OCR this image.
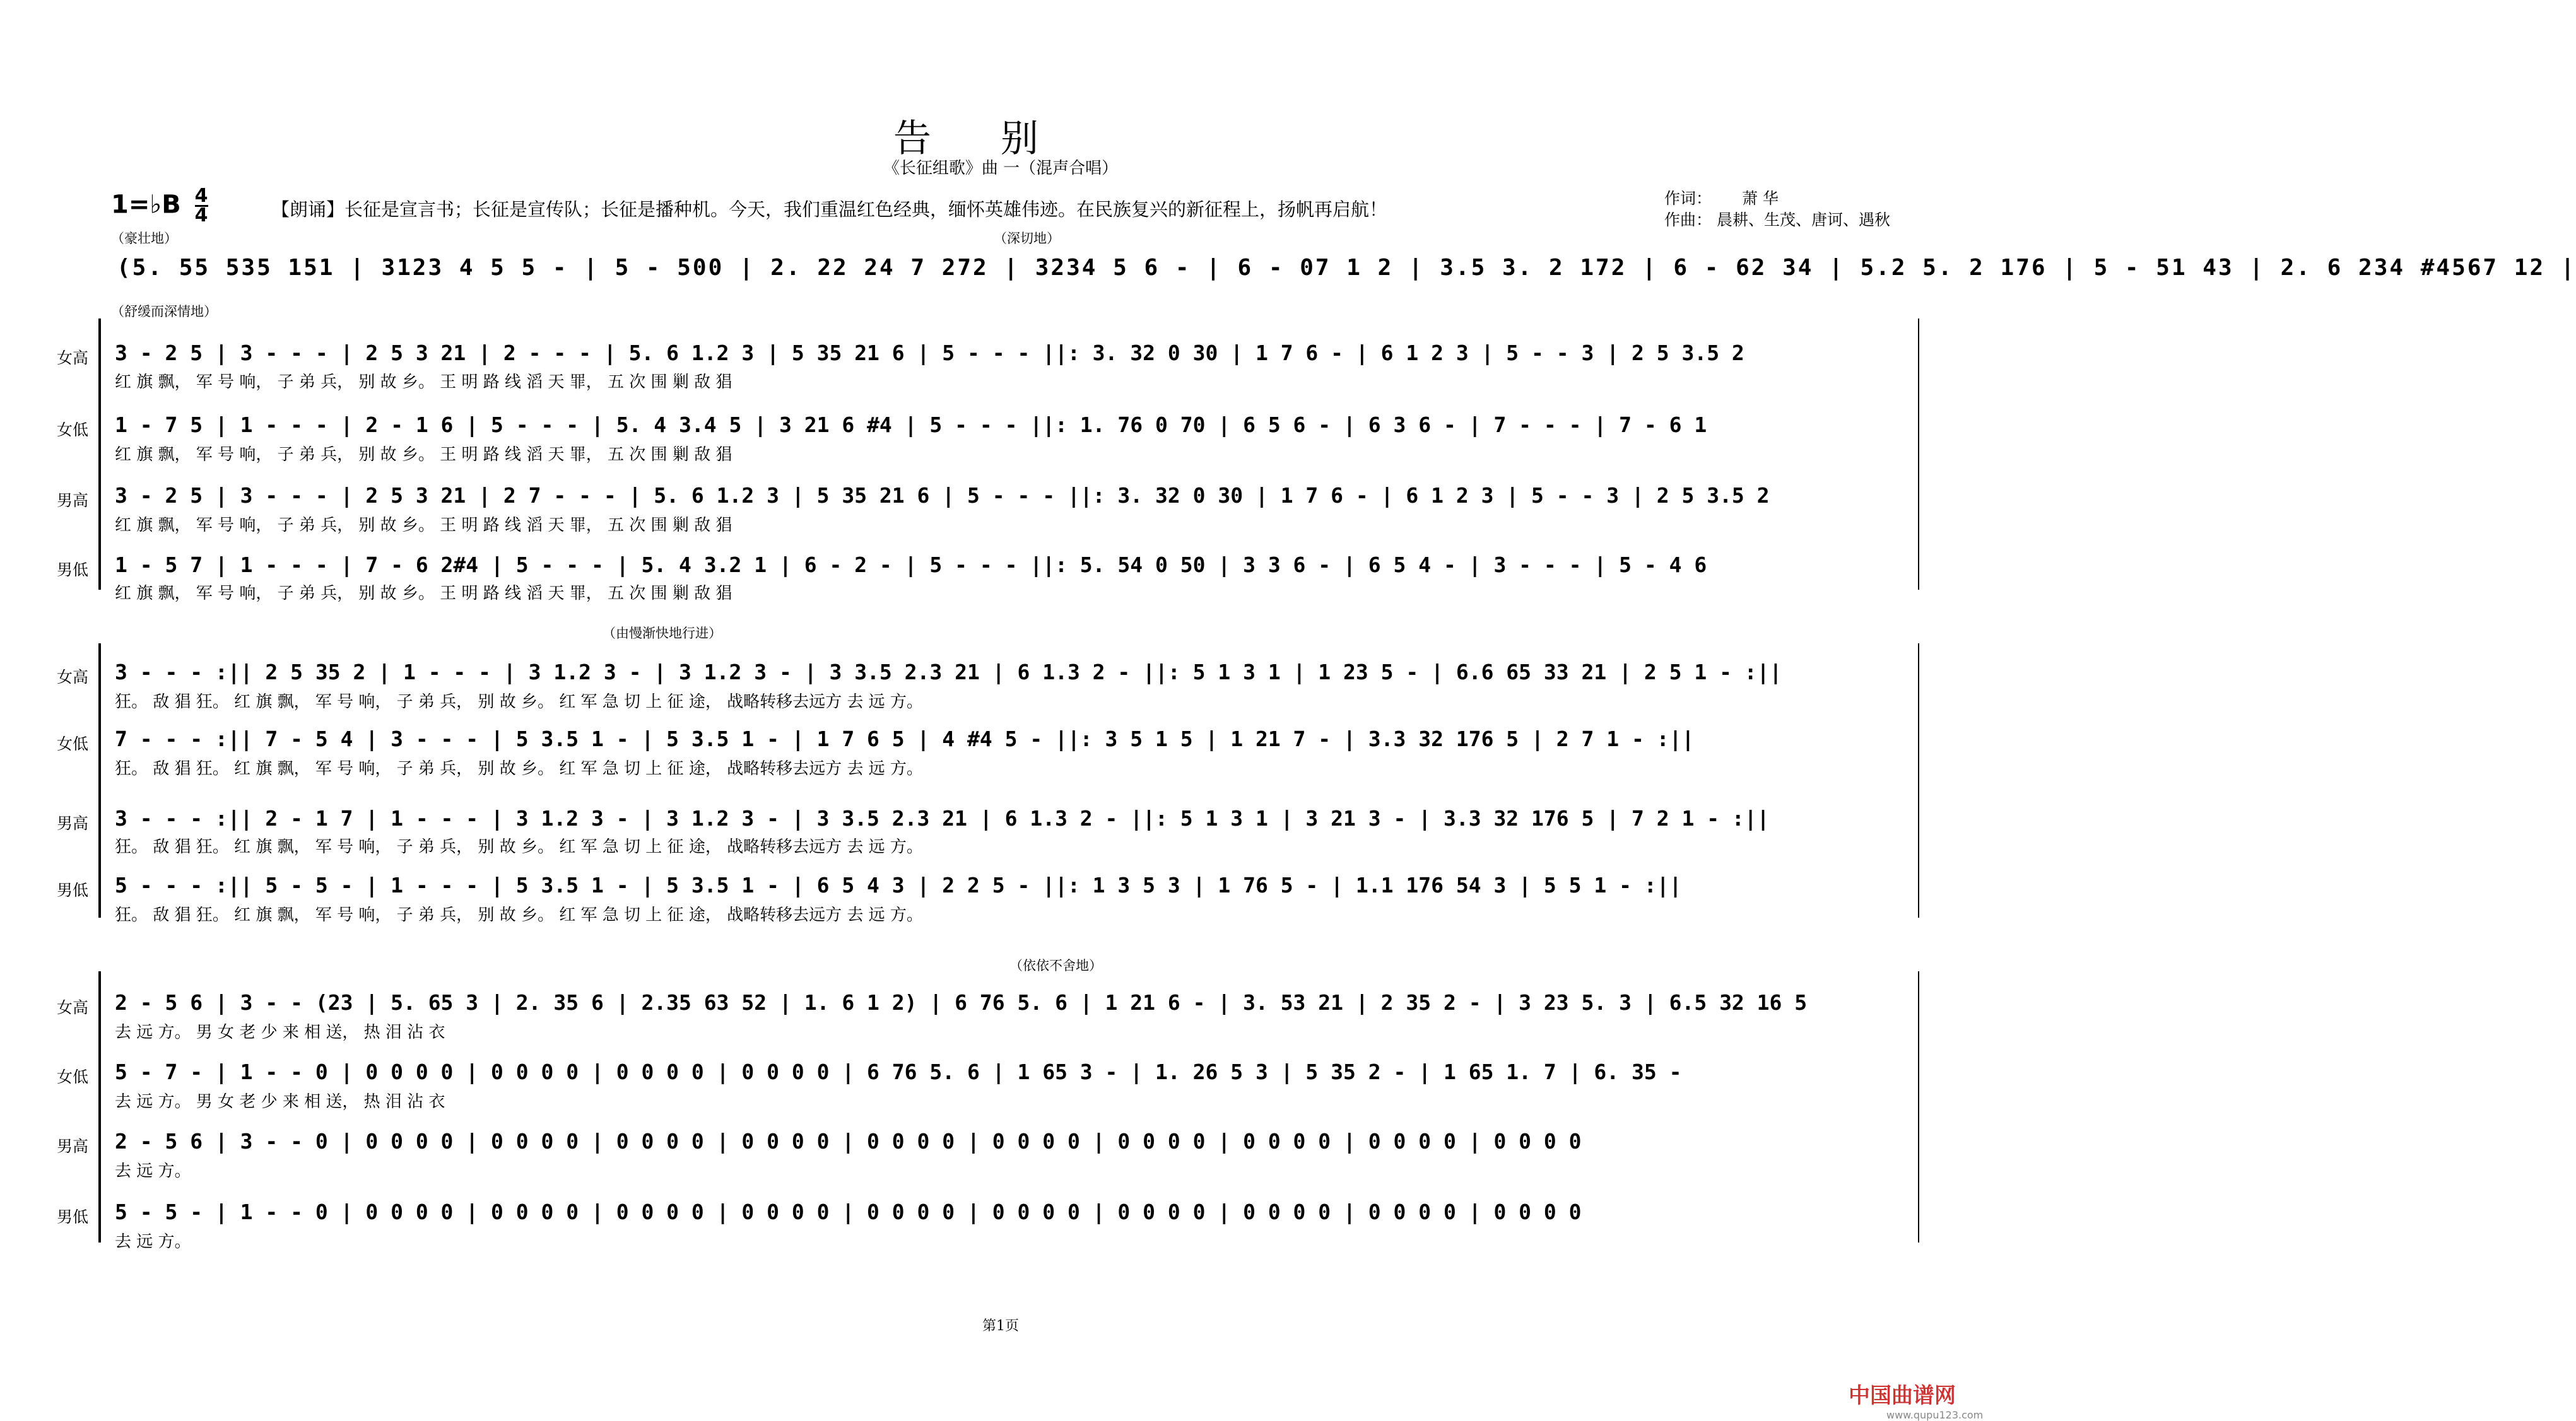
告别
《长征组歌》曲 一（混声合唱）
1=♭B $\frac{4}{4}$	【朗诵】长征是宣言书；长征是宣传队；长征是播种机。今天，我们重温红色经典，缅怀英雄伟迹。在民族复兴的新征程上，扬帆再启航！
作词： 萧 华
作曲： 晨耕、生茂、唐诃、遇秋
（豪壮地）	（深切地）
(5. 55 535 151 | 3123 4 5 5 - | 5 - 500 | 2. 22 24 7 272 | 3234 5 6 - | 6 - 07 1 2 | 3.5 3. 2 172 | 6 - 62 34 | 5.2 5. 2 176 | 5 - 51 43 | 2. 6 234 #4567 12 |
（舒缓而深情地）
女高	3 - 2 5 | 3 - - - | 2 5 3 21 | 2 - - - | 5. 6 1.2 3 | 5 35 21 6 | 5 - - - ||: 3. 32 0 30 | 1 7 6 - | 6 1 2 3 | 5 - - 3 | 2 5 3.5 2
红 旗 飘， 军 号 响， 子 弟 兵， 别 故 乡。 王 明 路 线 滔 天 罪， 五 次 围 剿 敌 猖
女低	1 - 7 5 | 1 - - - | 2 - 1 6 | 5 - - - | 5. 4 3.4 5 | 3 21 6 #4 | 5 - - - ||: 1. 76 0 70 | 6 5 6 - | 6 3 6 - | 7 - - - | 7 - 6 1
红 旗 飘， 军 号 响， 子 弟 兵， 别 故 乡。 王 明 路 线 滔 天 罪， 五 次 围 剿 敌 猖
男高	3 - 2 5 | 3 - - - | 2 5 3 21 | 2 7 - - - | 5. 6 1.2 3 | 5 35 21 6 | 5 - - - ||: 3. 32 0 30 | 1 7 6 - | 6 1 2 3 | 5 - - 3 | 2 5 3.5 2
红 旗 飘， 军 号 响， 子 弟 兵， 别 故 乡。 王 明 路 线 滔 天 罪， 五 次 围 剿 敌 猖
男低	1 - 5 7 | 1 - - - | 7 - 6 2#4 | 5 - - - | 5. 4 3.2 1 | 6 - 2 - | 5 - - - ||: 5. 54 0 50 | 3 3 6 - | 6 5 4 - | 3 - - - | 5 - 4 6
红 旗 飘， 军 号 响， 子 弟 兵， 别 故 乡。 王 明 路 线 滔 天 罪， 五 次 围 剿 敌 猖
（由慢渐快地行进）
女高	3 - - - :|| 2 5 35 2 | 1 - - - | 3 1.2 3 - | 3 1.2 3 - | 3 3.5 2.3 21 | 6 1.3 2 - ||: 5 1 3 1 | 1 23 5 - | 6.6 65 33 21 | 2 5 1 - :||
狂。 敌 猖 狂。 红 旗 飘， 军 号 响， 子 弟 兵， 别 故 乡。 红 军 急 切 上 征 途， 战略转移去远方 去 远 方。
女低	7 - - - :|| 7 - 5 4 | 3 - - - | 5 3.5 1 - | 5 3.5 1 - | 1 7 6 5 | 4 #4 5 - ||: 3 5 1 5 | 1 21 7 - | 3.3 32 176 5 | 2 7 1 - :||
狂。 敌 猖 狂。 红 旗 飘， 军 号 响， 子 弟 兵， 别 故 乡。 红 军 急 切 上 征 途， 战略转移去远方 去 远 方。
男高	3 - - - :|| 2 - 1 7 | 1 - - - | 3 1.2 3 - | 3 1.2 3 - | 3 3.5 2.3 21 | 6 1.3 2 - ||: 5 1 3 1 | 3 21 3 - | 3.3 32 176 5 | 7 2 1 - :||
狂。 敌 猖 狂。 红 旗 飘， 军 号 响， 子 弟 兵， 别 故 乡。 红 军 急 切 上 征 途， 战略转移去远方 去 远 方。
男低	5 - - - :|| 5 - 5 - | 1 - - - | 5 3.5 1 - | 5 3.5 1 - | 6 5 4 3 | 2 2 5 - ||: 1 3 5 3 | 1 76 5 - | 1.1 176 54 3 | 5 5 1 - :||
狂。 敌 猖 狂。 红 旗 飘， 军 号 响， 子 弟 兵， 别 故 乡。 红 军 急 切 上 征 途， 战略转移去远方 去 远 方。
（依依不舍地）
女高	2 - 5 6 | 3 - - (23 | 5. 65 3 | 2. 35 6 | 2.35 63 52 | 1. 6 1 2) | 6 76 5. 6 | 1 21 6 - | 3. 53 21 | 2 35 2 - | 3 23 5. 3 | 6.5 32 16 5
去 远 方。 男 女 老 少 来 相 送， 热 泪 沾 衣
女低	5 - 7 - | 1 - - 0 | 0 0 0 0 | 0 0 0 0 | 0 0 0 0 | 0 0 0 0 | 6 76 5. 6 | 1 65 3 - | 1. 26 5 3 | 5 35 2 - | 1 65 1. 7 | 6. 35 -
去 远 方。 男 女 老 少 来 相 送， 热 泪 沾 衣
男高	2 - 5 6 | 3 - - 0 | 0 0 0 0 | 0 0 0 0 | 0 0 0 0 | 0 0 0 0 | 0 0 0 0 | 0 0 0 0 | 0 0 0 0 | 0 0 0 0 | 0 0 0 0 | 0 0 0 0
去 远 方。
男低	5 - 5 - | 1 - - 0 | 0 0 0 0 | 0 0 0 0 | 0 0 0 0 | 0 0 0 0 | 0 0 0 0 | 0 0 0 0 | 0 0 0 0 | 0 0 0 0 | 0 0 0 0 | 0 0 0 0
去 远 方。
第1页
中国曲谱网
www.qupu123.com
